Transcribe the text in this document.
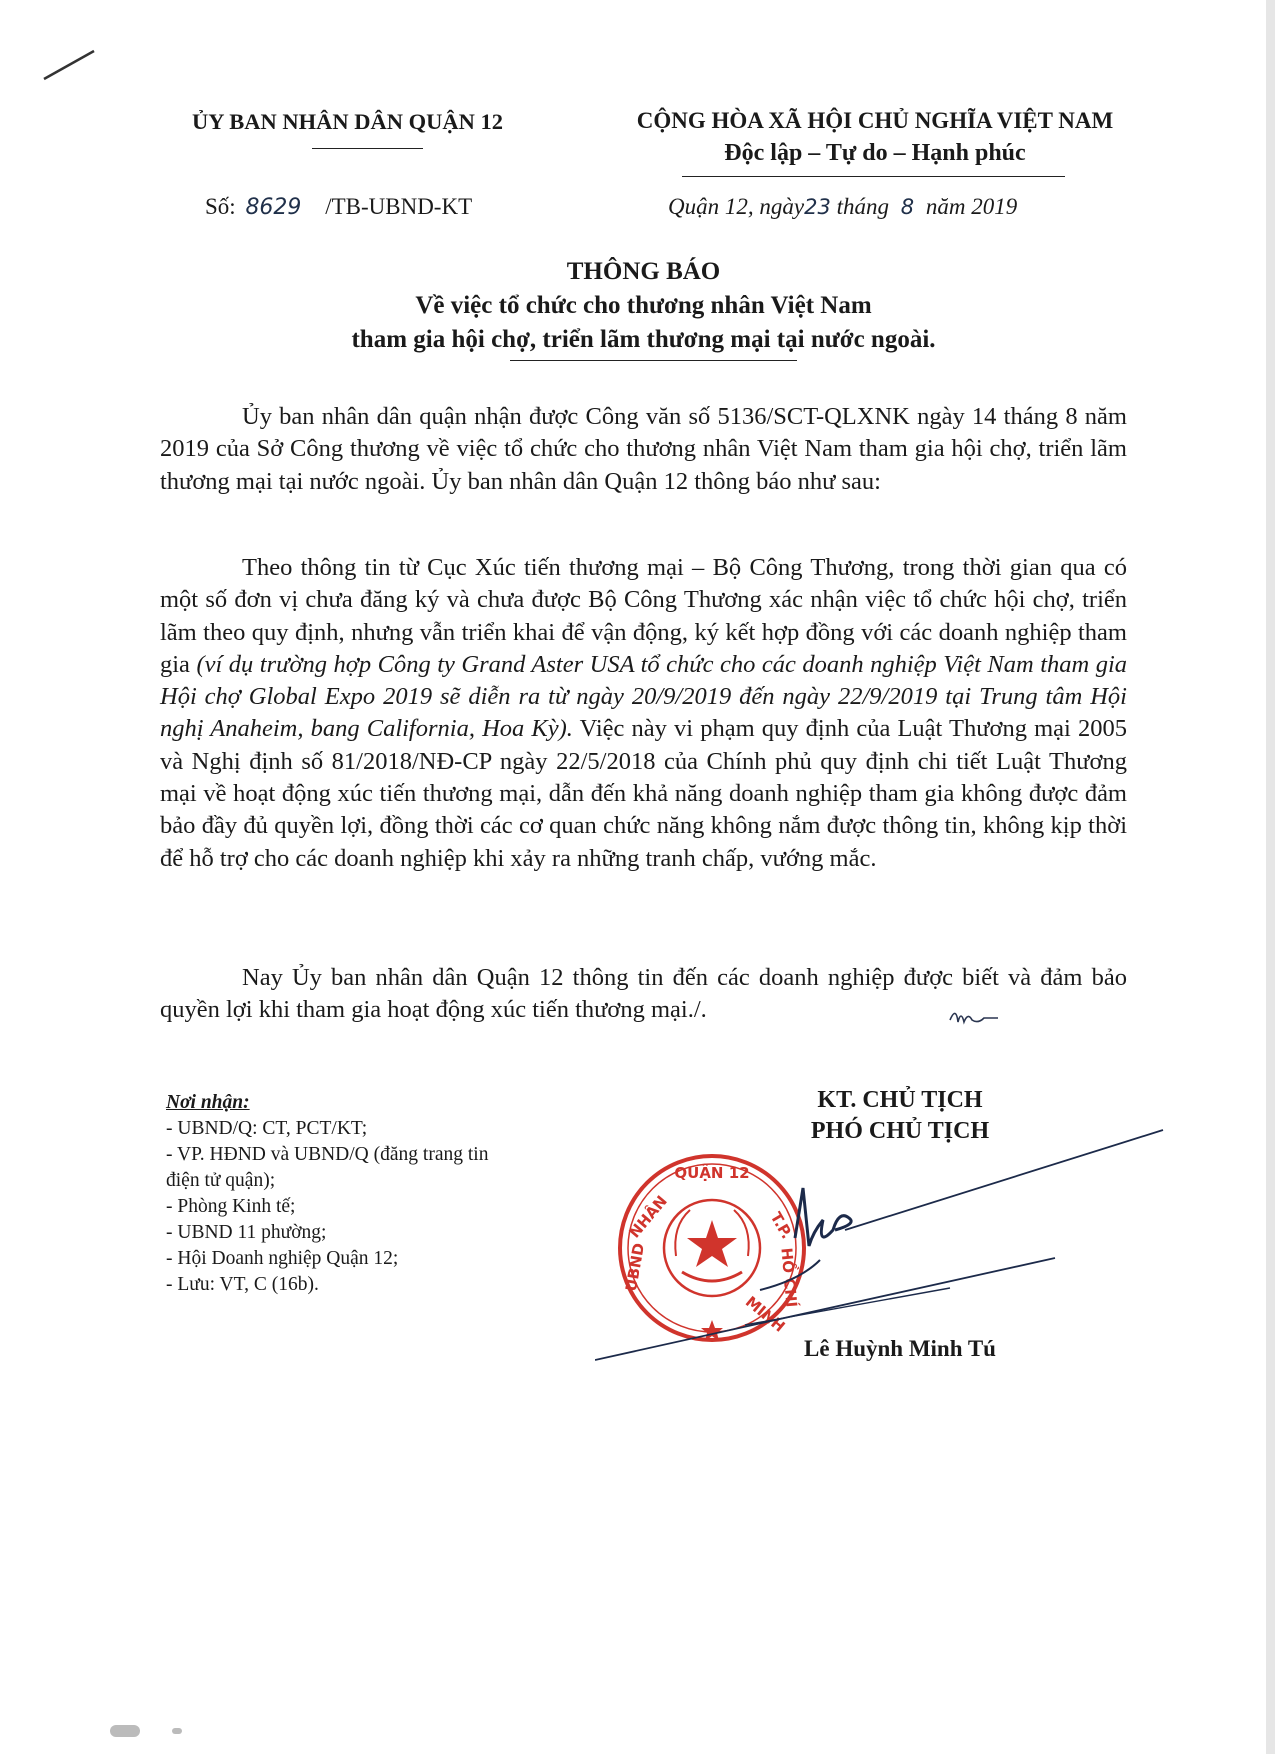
ỦY BAN NHÂN DÂN QUẬN 12	CỘNG HÒA XÃ HỘI CHỦ NGHĨA VIỆT NAM
Độc lập – Tự do – Hạnh phúc
Số: 8629 /TB-UBND-KT	Quận 12, ngày23 tháng 8 năm 2019
THÔNG BÁO
Về việc tổ chức cho thương nhân Việt Nam
tham gia hội chợ, triển lãm thương mại tại nước ngoài.

Ủy ban nhân dân quận nhận được Công văn số 5136/SCT-QLXNK ngày 14 tháng 8 năm 2019 của Sở Công thương về việc tổ chức cho thương nhân Việt Nam tham gia hội chợ, triển lãm thương mại tại nước ngoài. Ủy ban nhân dân Quận 12 thông báo như sau:

Theo thông tin từ Cục Xúc tiến thương mại – Bộ Công Thương, trong thời gian qua có một số đơn vị chưa đăng ký và chưa được Bộ Công Thương xác nhận việc tổ chức hội chợ, triển lãm theo quy định, nhưng vẫn triển khai để vận động, ký kết hợp đồng với các doanh nghiệp tham gia (ví dụ trường hợp Công ty Grand Aster USA tổ chức cho các doanh nghiệp Việt Nam tham gia Hội chợ Global Expo 2019 sẽ diễn ra từ ngày 20/9/2019 đến ngày 22/9/2019 tại Trung tâm Hội nghị Anaheim, bang California, Hoa Kỳ). Việc này vi phạm quy định của Luật Thương mại 2005 và Nghị định số 81/2018/NĐ-CP ngày 22/5/2018 của Chính phủ quy định chi tiết Luật Thương mại về hoạt động xúc tiến thương mại, dẫn đến khả năng doanh nghiệp tham gia không được đảm bảo đầy đủ quyền lợi, đồng thời các cơ quan chức năng không nắm được thông tin, không kịp thời để hỗ trợ cho các doanh nghiệp khi xảy ra những tranh chấp, vướng mắc.

Nay Ủy ban nhân dân Quận 12 thông tin đến các doanh nghiệp được biết và đảm bảo quyền lợi khi tham gia hoạt động xúc tiến thương mại./.

Nơi nhận:
- UBND/Q: CT, PCT/KT;
- VP. HĐND và UBND/Q (đăng trang tin
điện tử quận);
- Phòng Kinh tế;
- UBND 11 phường;
- Hội Doanh nghiệp Quận 12;
- Lưu: VT, C (16b).
KT. CHỦ TỊCH
PHÓ CHỦ TỊCH
QUẬN 12
NHÂN
UBND
T.P.
HỒ CHÍ
MINH
Lê Huỳnh Minh Tú
